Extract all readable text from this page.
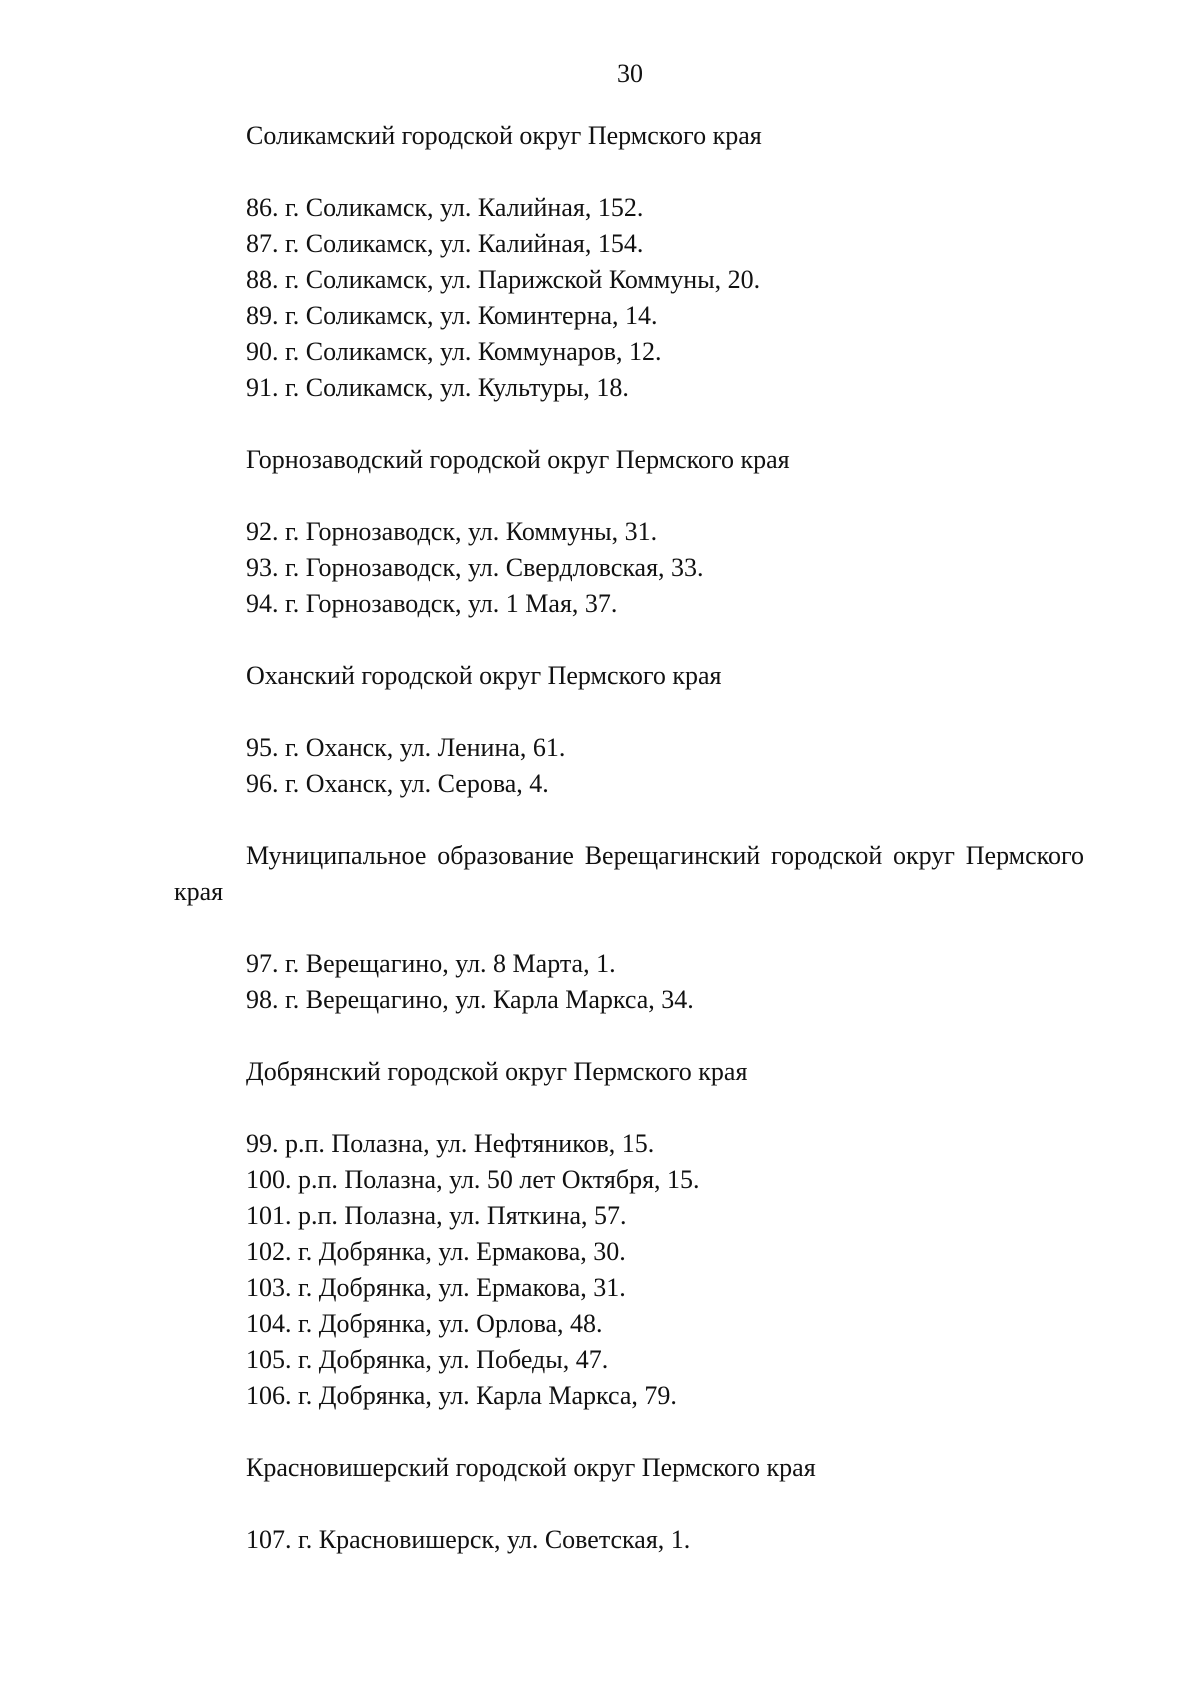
30

Соликамский городской округ Пермского края

86. г. Соликамск, ул. Калийная, 152.
87. г. Соликамск, ул. Калийная, 154.
88. г. Соликамск, ул. Парижской Коммуны, 20.
89. г. Соликамск, ул. Коминтерна, 14.
90. г. Соликамск, ул. Коммунаров, 12.
91. г. Соликамск, ул. Культуры, 18.

Горнозаводский городской округ Пермского края

92. г. Горнозаводск, ул. Коммуны, 31.
93. г. Горнозаводск, ул. Свердловская, 33.
94. г. Горнозаводск, ул. 1 Мая, 37.

Оханский городской округ Пермского края

95. г. Оханск, ул. Ленина, 61.
96. г. Оханск, ул. Серова, 4.

Муниципальное образование Верещагинский городской округ Пермского края

97. г. Верещагино, ул. 8 Марта, 1.
98. г. Верещагино, ул. Карла Маркса, 34.

Добрянский городской округ Пермского края

99. р.п. Полазна, ул. Нефтяников, 15.
100. р.п. Полазна, ул. 50 лет Октября, 15.
101. р.п. Полазна, ул. Пяткина, 57.
102. г. Добрянка, ул. Ермакова, 30.
103. г. Добрянка, ул. Ермакова, 31.
104. г. Добрянка, ул. Орлова, 48.
105. г. Добрянка, ул. Победы, 47.
106. г. Добрянка, ул. Карла Маркса, 79.

Красновишерский городской округ Пермского края

107. г. Красновишерск, ул. Советская, 1.
